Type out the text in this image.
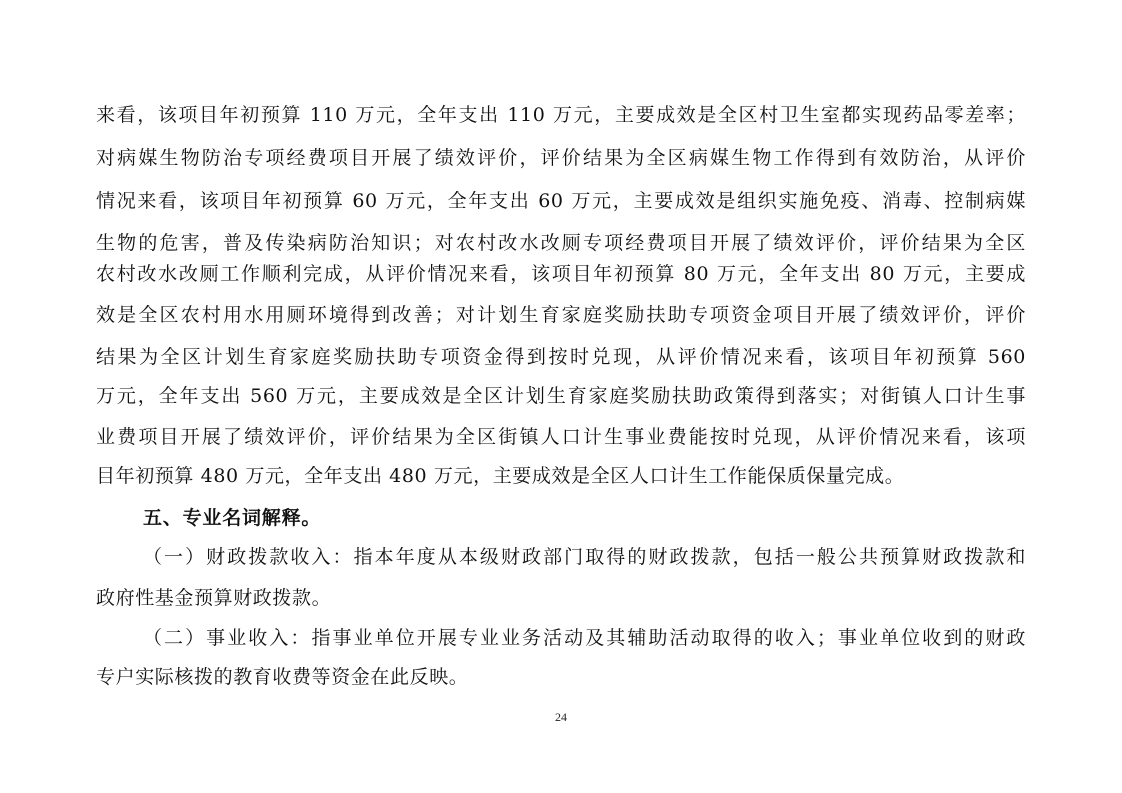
来看，该项目年初预算 110 万元，全年支出 110 万元，主要成效是全区村卫生室都实现药品零差率；
对病媒生物防治专项经费项目开展了绩效评价，评价结果为全区病媒生物工作得到有效防治，从评价
情况来看，该项目年初预算 60 万元，全年支出 60 万元，主要成效是组织实施免疫、消毒、控制病媒
生物的危害，普及传染病防治知识；对农村改水改厕专项经费项目开展了绩效评价，评价结果为全区
农村改水改厕工作顺利完成，从评价情况来看，该项目年初预算 80 万元，全年支出 80 万元，主要成
效是全区农村用水用厕环境得到改善；对计划生育家庭奖励扶助专项资金项目开展了绩效评价，评价
结果为全区计划生育家庭奖励扶助专项资金得到按时兑现，从评价情况来看，该项目年初预算 560
万元，全年支出 560 万元，主要成效是全区计划生育家庭奖励扶助政策得到落实；对街镇人口计生事
业费项目开展了绩效评价，评价结果为全区街镇人口计生事业费能按时兑现，从评价情况来看，该项
目年初预算 480 万元，全年支出 480 万元，主要成效是全区人口计生工作能保质保量完成。
五、专业名词解释。
（一）财政拨款收入：指本年度从本级财政部门取得的财政拨款，包括一般公共预算财政拨款和
政府性基金预算财政拨款。
（二）事业收入：指事业单位开展专业业务活动及其辅助活动取得的收入；事业单位收到的财政
专户实际核拨的教育收费等资金在此反映。
24
